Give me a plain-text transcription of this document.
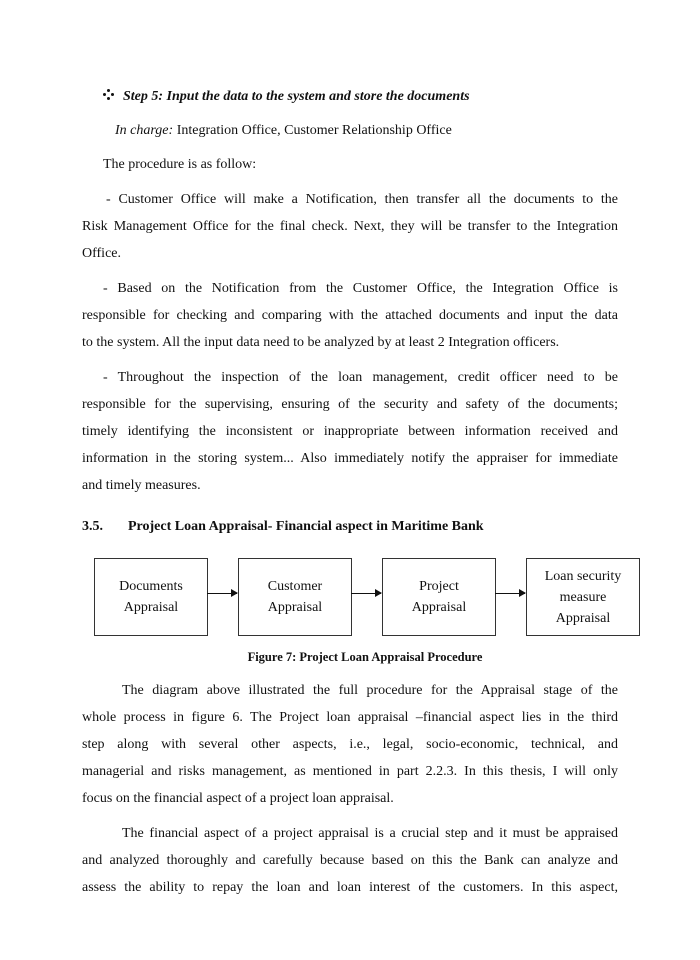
Step 5: Input the data to the system and store the documents
In charge: Integration Office, Customer Relationship Office
The procedure is as follow:
- Customer Office will make a Notification, then transfer all the documents to the
Risk Management Office for the final check. Next, they will be transfer to the Integration
Office.
- Based on the Notification from the Customer Office, the Integration Office is
responsible for checking and comparing with the attached documents and input the data
to the system. All the input data need to be analyzed by at least 2 Integration officers.
- Throughout the inspection of the loan management, credit officer need to be
responsible for the supervising, ensuring of the security and safety of the documents;
timely identifying the inconsistent or inappropriate between information received and
information in the storing system... Also immediately notify the appraiser for immediate
and timely measures.
3.5. Project Loan Appraisal- Financial aspect in Maritime Bank
Documents
Appraisal
Customer
Appraisal
Project
Appraisal
Loan security
measure
Appraisal
Figure 7: Project Loan Appraisal Procedure
The diagram above illustrated the full procedure for the Appraisal stage of the
whole process in figure 6. The Project loan appraisal –financial aspect lies in the third
step along with several other aspects, i.e., legal, socio-economic, technical, and
managerial and risks management, as mentioned in part 2.2.3. In this thesis, I will only
focus on the financial aspect of a project loan appraisal.
The financial aspect of a project appraisal is a crucial step and it must be appraised
and analyzed thoroughly and carefully because based on this the Bank can analyze and
assess the ability to repay the loan and loan interest of the customers. In this aspect,
